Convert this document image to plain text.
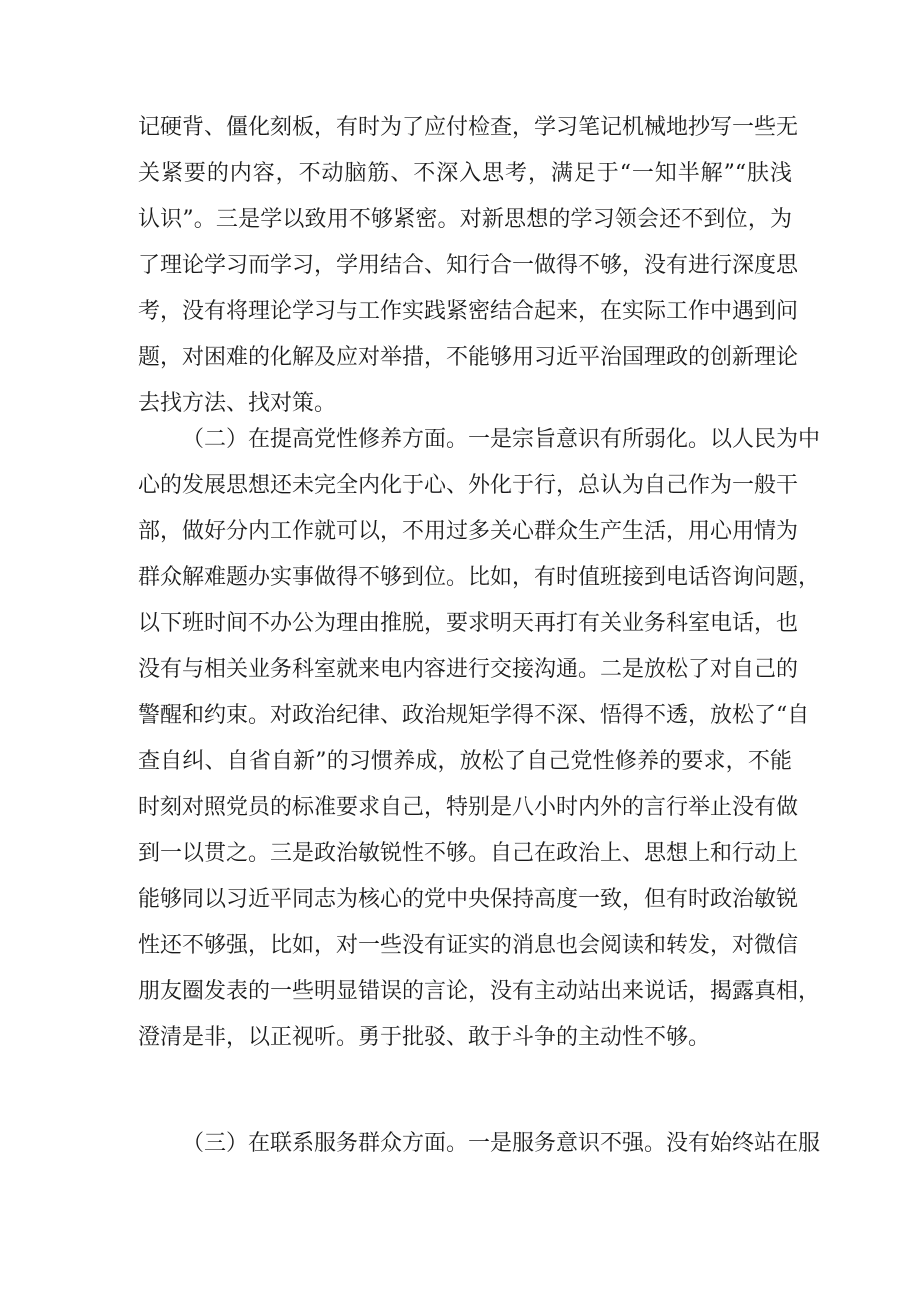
记硬背、僵化刻板，有时为了应付检查，学习笔记机械地抄写一些无
关紧要的内容，不动脑筋、不深入思考，满足于“一知半解”“肤浅
认识”。三是学以致用不够紧密。对新思想的学习领会还不到位，为
了理论学习而学习，学用结合、知行合一做得不够，没有进行深度思
考，没有将理论学习与工作实践紧密结合起来，在实际工作中遇到问
题，对困难的化解及应对举措，不能够用习近平治国理政的创新理论
去找方法、找对策。
（二）在提高党性修养方面。一是宗旨意识有所弱化。以人民为中
心的发展思想还未完全内化于心、外化于行，总认为自己作为一般干
部，做好分内工作就可以，不用过多关心群众生产生活，用心用情为
群众解难题办实事做得不够到位。比如，有时值班接到电话咨询问题，
以下班时间不办公为理由推脱，要求明天再打有关业务科室电话，也
没有与相关业务科室就来电内容进行交接沟通。二是放松了对自己的
警醒和约束。对政治纪律、政治规矩学得不深、悟得不透，放松了“自
查自纠、自省自新”的习惯养成，放松了自己党性修养的要求，不能
时刻对照党员的标准要求自己，特别是八小时内外的言行举止没有做
到一以贯之。三是政治敏锐性不够。自己在政治上、思想上和行动上
能够同以习近平同志为核心的党中央保持高度一致，但有时政治敏锐
性还不够强，比如，对一些没有证实的消息也会阅读和转发，对微信
朋友圈发表的一些明显错误的言论，没有主动站出来说话，揭露真相，
澄清是非，以正视听。勇于批驳、敢于斗争的主动性不够。
（三）在联系服务群众方面。一是服务意识不强。没有始终站在服
